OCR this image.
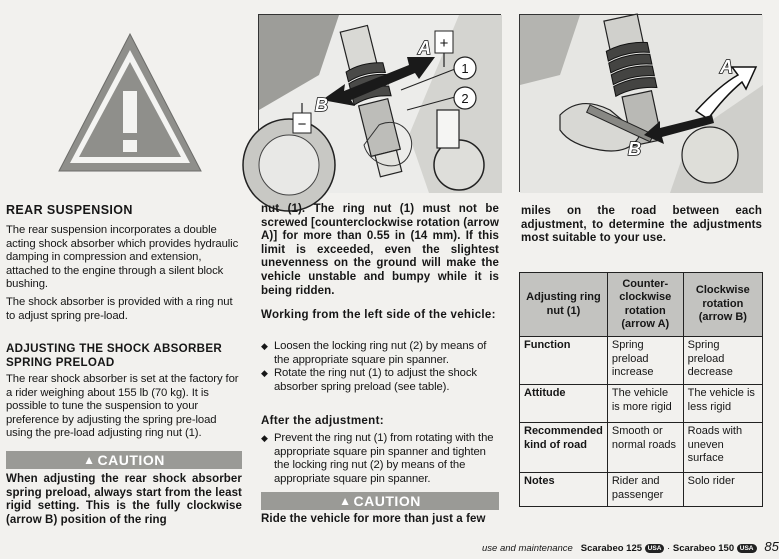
A
B
+
−
1
2
A
B
REAR SUSPENSION

The rear suspension incorporates a double acting shock absorber which provides hydraulic damping in compression and extension, attached to the engine through a silent block bushing.

The shock absorber is provided with a ring nut to adjust spring pre-load.

ADJUSTING THE SHOCK ABSORBER SPRING PRELOAD

The rear shock absorber is set at the factory for a rider weighing about 155 lb (70 kg). It is possible to tune the suspension to your preference by adjusting the spring pre-load using the pre-load adjusting ring nut (1).

▲ CAUTION

When adjusting the rear shock absorber spring preload, always start from the least rigid setting. This is the fully clockwise (arrow B) position of the ring

nut (1). The ring nut (1) must not be screwed [counterclockwise rotation (arrow A)] for more than 0.55 in (14 mm). If this limit is exceeded, even the slightest unevenness on the ground will make the vehicle unstable and bumpy while it is being ridden.

Working from the left side of the vehicle:
◆ Loosen the locking ring nut (2) by means of the appropriate square pin spanner.
◆ Rotate the ring nut (1) to adjust the shock absorber spring preload (see table).
After the adjustment:
◆ Prevent the ring nut (1) from rotating with the appropriate square pin spanner and tighten the locking ring nut (2) by means of the appropriate square pin spanner.
▲ CAUTION

Ride the vehicle for more than just a few

miles on the road between each adjustment, to determine the adjustments most suitable to your use.

Adjusting ring nut (1)	Counter-clockwise rotation (arrow A)	Clockwise rotation (arrow B)
Function	Spring preload increase	Spring preload decrease
Attitude	The vehicle is more rigid	The vehicle is less rigid
Recommended kind of road	Smooth or normal roads	Roads with uneven surface
Notes	Rider and passenger	Solo rider
use and maintenance Scarabeo 125 USA · Scarabeo 150 USA 85
